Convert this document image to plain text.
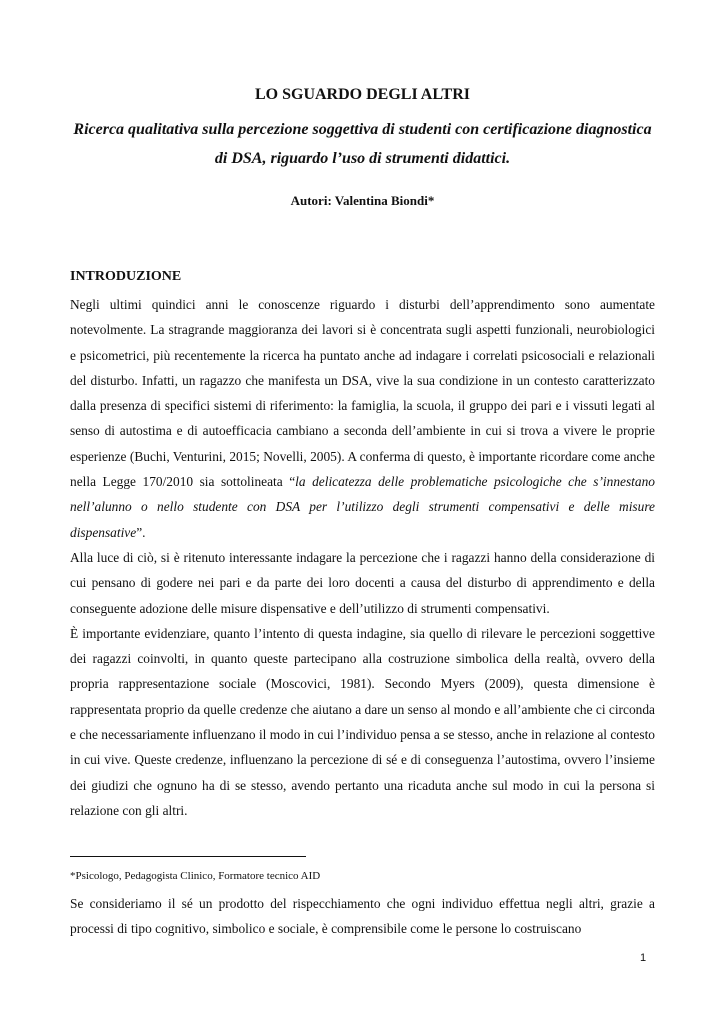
LO SGUARDO DEGLI ALTRI
Ricerca qualitativa sulla percezione soggettiva di studenti con certificazione diagnostica di DSA, riguardo l’uso di strumenti didattici.
Autori: Valentina Biondi*
INTRODUZIONE

Negli ultimi quindici anni le conoscenze riguardo i disturbi dell’apprendimento sono aumentate notevolmente. La stragrande maggioranza dei lavori si è concentrata sugli aspetti funzionali, neurobiologici e psicometrici, più recentemente la ricerca ha puntato anche ad indagare i correlati psicosociali e relazionali del disturbo. Infatti, un ragazzo che manifesta un DSA, vive la sua condizione in un contesto caratterizzato dalla presenza di specifici sistemi di riferimento: la famiglia, la scuola, il gruppo dei pari e i vissuti legati al senso di autostima e di autoefficacia cambiano a seconda dell’ambiente in cui si trova a vivere le proprie esperienze (Buchi, Venturini, 2015; Novelli, 2005). A conferma di questo, è importante ricordare come anche nella Legge 170/2010 sia sottolineata “la delicatezza delle problematiche psicologiche che s’innestano nell’alunno o nello studente con DSA per l’utilizzo degli strumenti compensativi e delle misure dispensative”.

Alla luce di ciò, si è ritenuto interessante indagare la percezione che i ragazzi hanno della considerazione di cui pensano di godere nei pari e da parte dei loro docenti a causa del disturbo di apprendimento e della conseguente adozione delle misure dispensative e dell’utilizzo di strumenti compensativi.

È importante evidenziare, quanto l’intento di questa indagine, sia quello di rilevare le percezioni soggettive dei ragazzi coinvolti, in quanto queste partecipano alla costruzione simbolica della realtà, ovvero della propria rappresentazione sociale (Moscovici, 1981). Secondo Myers (2009), questa dimensione è rappresentata proprio da quelle credenze che aiutano a dare un senso al mondo e all’ambiente che ci circonda e che necessariamente influenzano il modo in cui l’individuo pensa a se stesso, anche in relazione al contesto in cui vive. Queste credenze, influenzano la percezione di sé e di conseguenza l’autostima, ovvero l’insieme dei giudizi che ognuno ha di se stesso, avendo pertanto una ricaduta anche sul modo in cui la persona si relazione con gli altri.

*Psicologo, Pedagogista Clinico, Formatore tecnico AID

Se consideriamo il sé un prodotto del rispecchiamento che ogni individuo effettua negli altri, grazie a processi di tipo cognitivo, simbolico e sociale, è comprensibile come le persone lo costruiscano

1
